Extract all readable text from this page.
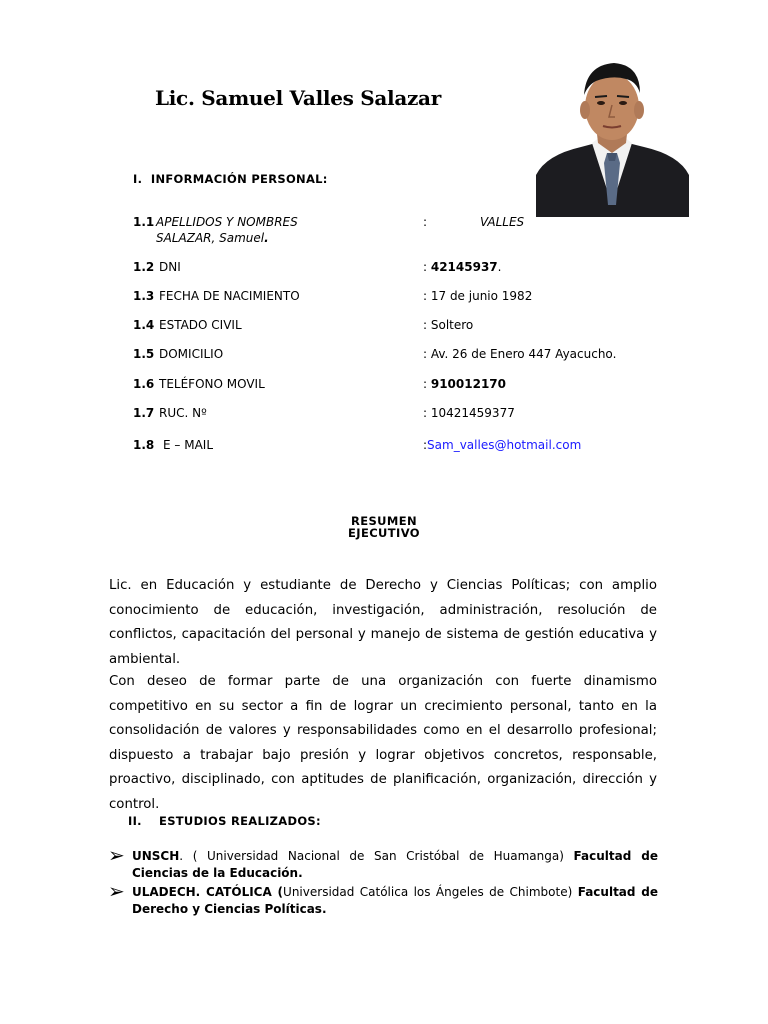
Lic. Samuel Valles Salazar
I. INFORMACIÓN PERSONAL:
1.1 APELLIDOS Y NOMBRES	:	VALLES
SALAZAR, Samuel.
1.2 DNI	: 42145937.
1.3 FECHA DE NACIMIENTO	: 17 de junio 1982
1.4 ESTADO CIVIL	: Soltero
1.5 DOMICILIO	: Av. 26 de Enero 447 Ayacucho.
1.6 TELÉFONO MOVIL	: 910012170
1.7 RUC. Nº	: 10421459377
1.8 E – MAIL	:Sam_valles@hotmail.com
RESUMEN
EJECUTIVO
Lic. en Educación y estudiante de Derecho y Ciencias Políticas; con amplio conocimiento de educación, investigación, administración, resolución de conflictos, capacitación del personal y manejo de sistema de gestión educativa y ambiental.
Con deseo de formar parte de una organización con fuerte dinamismo competitivo en su sector a fin de lograr un crecimiento personal, tanto en la consolidación de valores y responsabilidades como en el desarrollo profesional; dispuesto a trabajar bajo presión y lograr objetivos concretos, responsable, proactivo, disciplinado, con aptitudes de planificación, organización, dirección y control.
II. ESTUDIOS REALIZADOS:
➢ UNSCH. ( Universidad Nacional de San Cristóbal de Huamanga) Facultad de Ciencias de la Educación.
➢ ULADECH. CATÓLICA (Universidad Católica los Ángeles de Chimbote) Facultad de Derecho y Ciencias Políticas.
